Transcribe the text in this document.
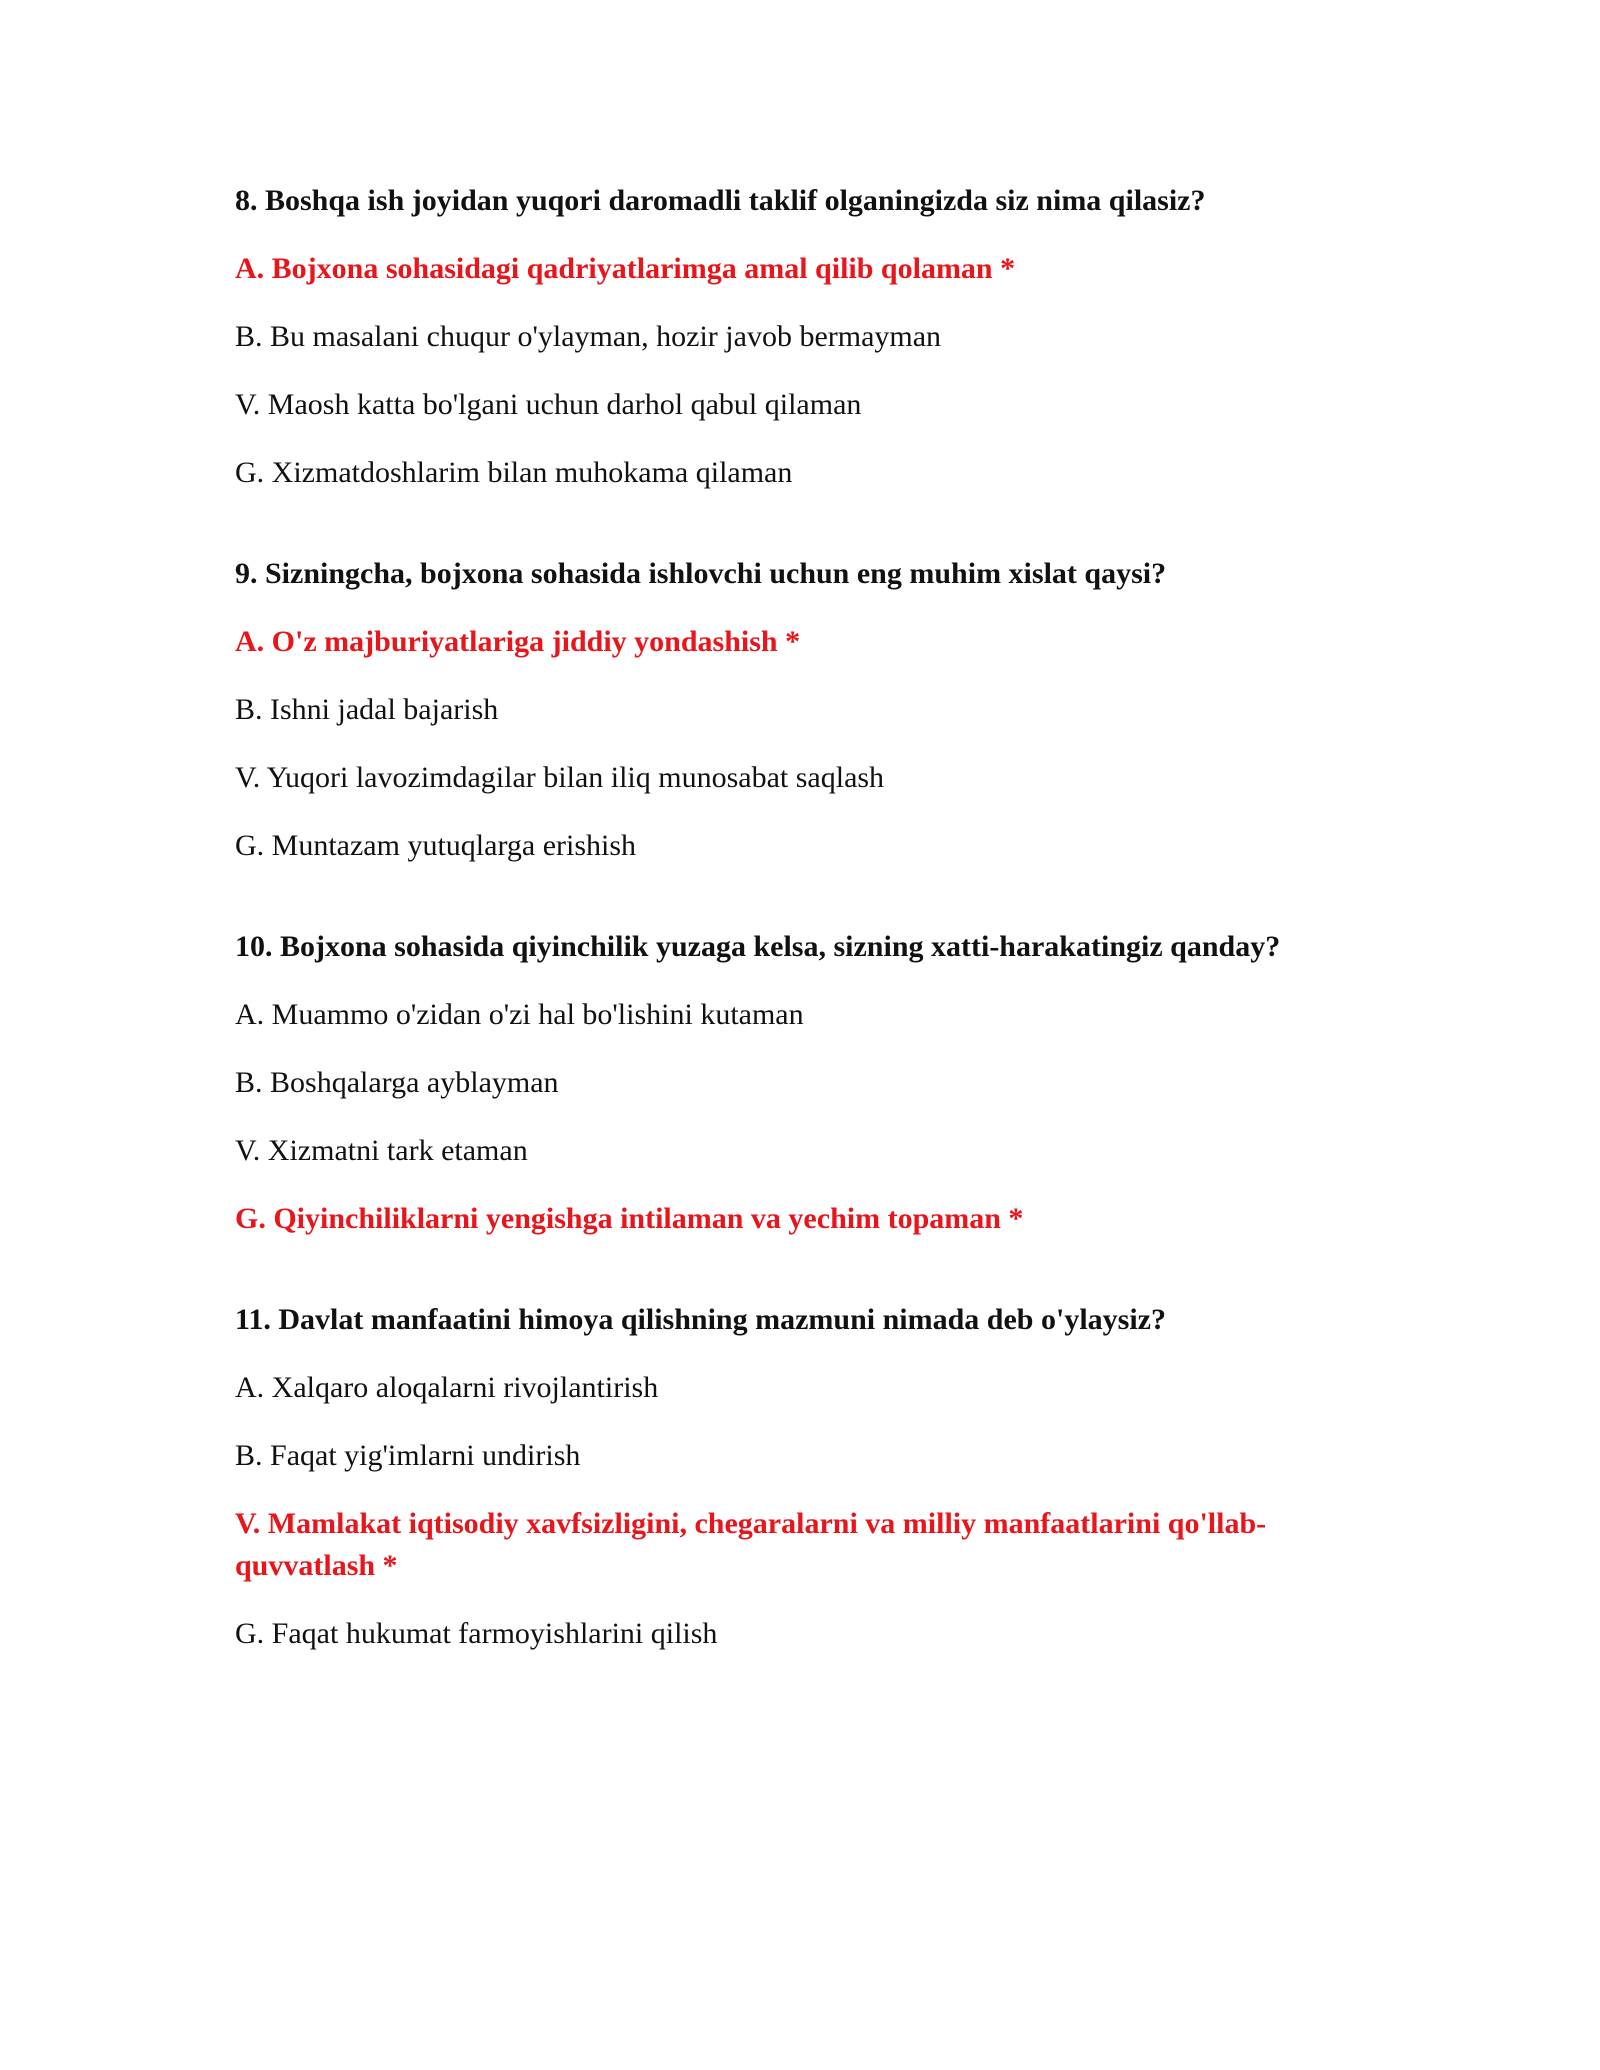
8. Boshqa ish joyidan yuqori daromadli taklif olganingizda siz nima qilasiz?
A. Bojxona sohasidagi qadriyatlarimga amal qilib qolaman *
B. Bu masalani chuqur o'ylayman, hozir javob bermayman
V. Maosh katta bo'lgani uchun darhol qabul qilaman
G. Xizmatdoshlarim bilan muhokama qilaman
9. Sizningcha, bojxona sohasida ishlovchi uchun eng muhim xislat qaysi?
A. O'z majburiyatlariga jiddiy yondashish *
B. Ishni jadal bajarish
V. Yuqori lavozimdagilar bilan iliq munosabat saqlash
G. Muntazam yutuqlarga erishish
10. Bojxona sohasida qiyinchilik yuzaga kelsa, sizning xatti-harakatingiz qanday?
A. Muammo o'zidan o'zi hal bo'lishini kutaman
B. Boshqalarga ayblayman
V. Xizmatni tark etaman
G. Qiyinchiliklarni yengishga intilaman va yechim topaman *
11. Davlat manfaatini himoya qilishning mazmuni nimada deb o'ylaysiz?
A. Xalqaro aloqalarni rivojlantirish
B. Faqat yig'imlarni undirish
V. Mamlakat iqtisodiy xavfsizligini, chegaralarni va milliy manfaatlarini qo'llab-quvvatlash *
G. Faqat hukumat farmoyishlarini qilish
